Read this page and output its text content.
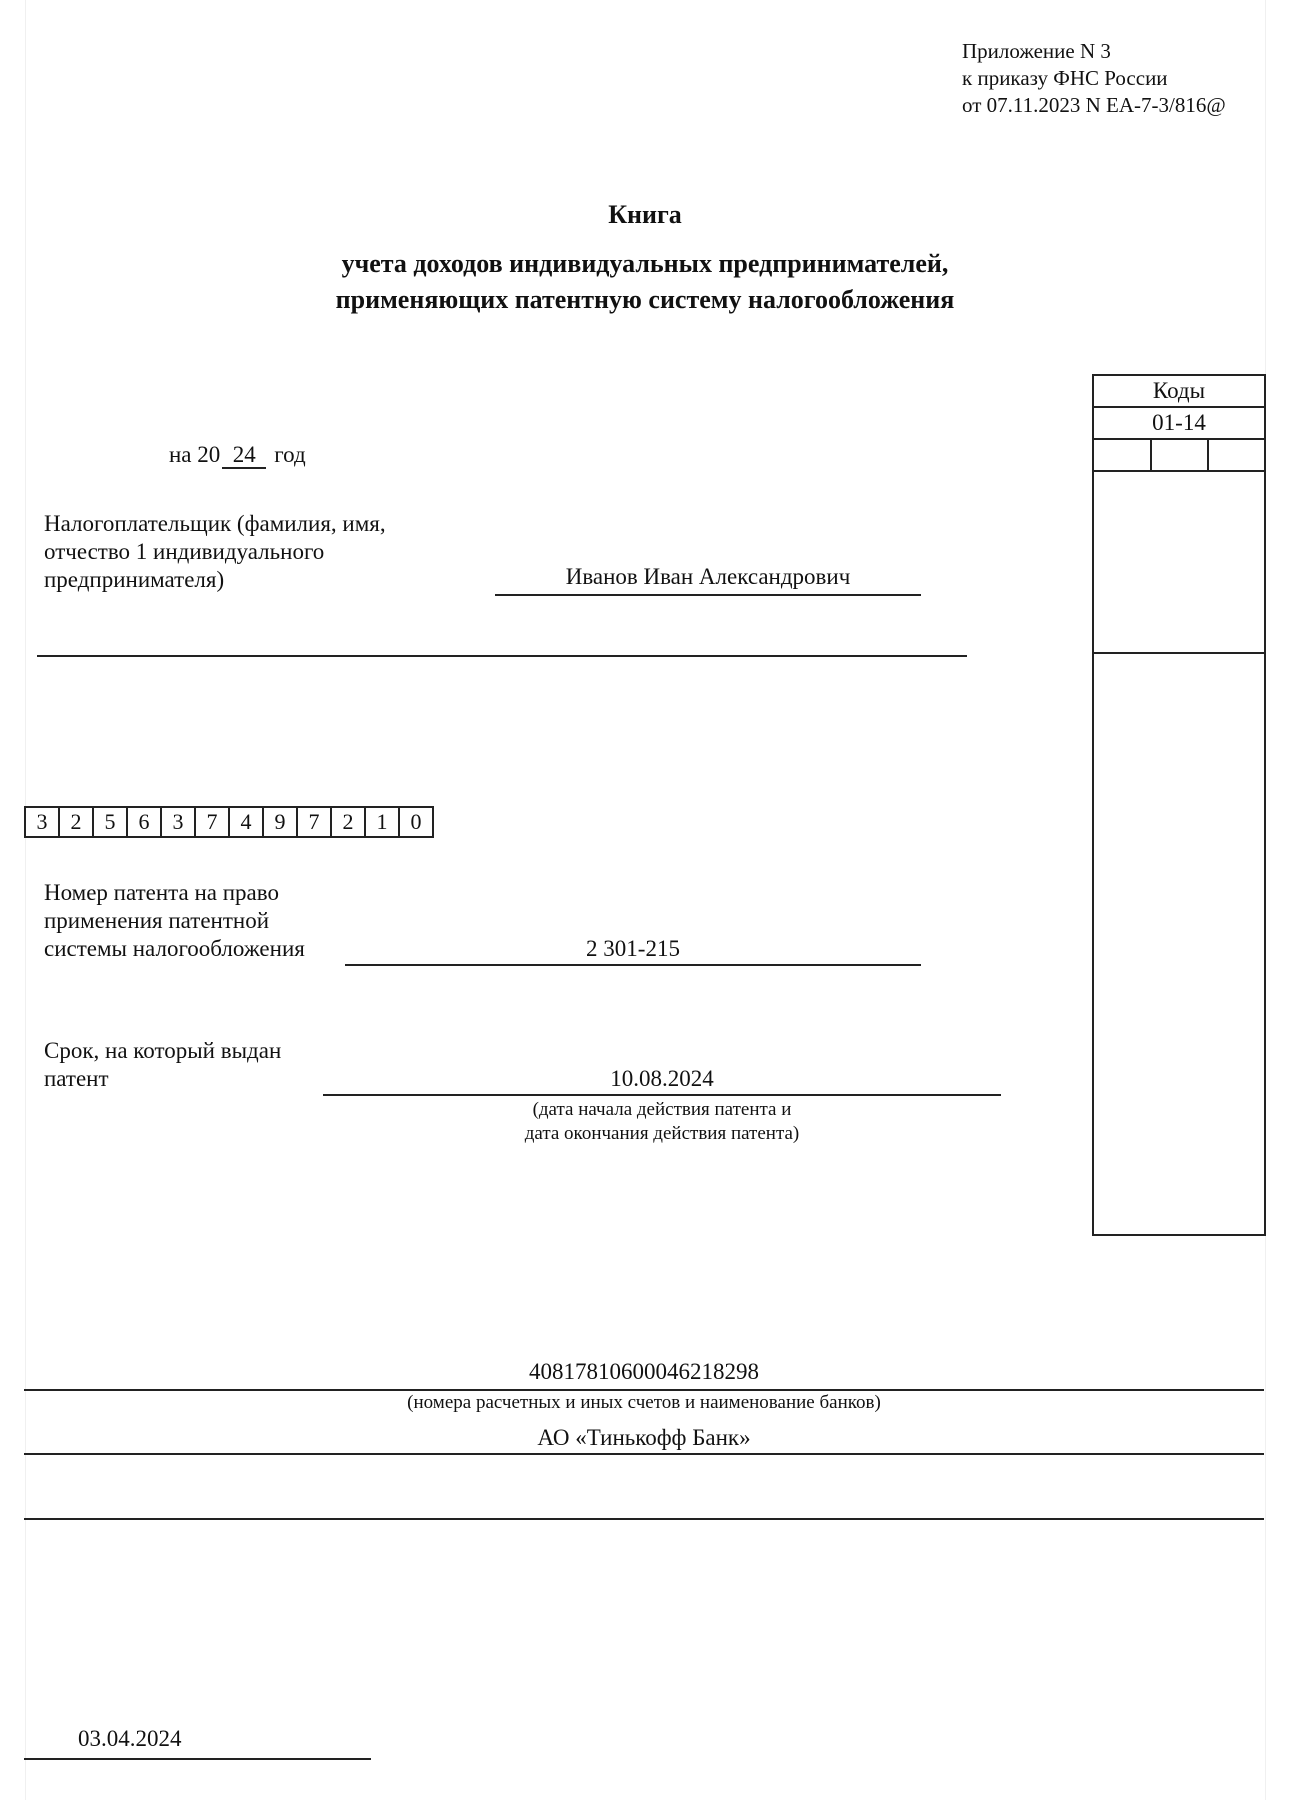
Приложение N 3
к приказу ФНС России
от 07.11.2023 N ЕА-7-3/816@
Книга
учета доходов индивидуальных предпринимателей,
применяющих патентную систему налогообложения
Коды
01-14
на 20 24 год
Налогоплательщик (фамилия, имя,
отчество 1 индивидуального
предпринимателя)	Иванов Иван Александрович
3	2	5	6	3	7	4	9	7	2	1	0
Номер патента на право
применения патентной
системы налогообложения	2 301-215
Срок, на который выдан
патент	10.08.2024
(дата начала действия патента и
дата окончания действия патента)
40817810600046218298
(номера расчетных и иных счетов и наименование банков)
АО «Тинькофф Банк»
03.04.2024
